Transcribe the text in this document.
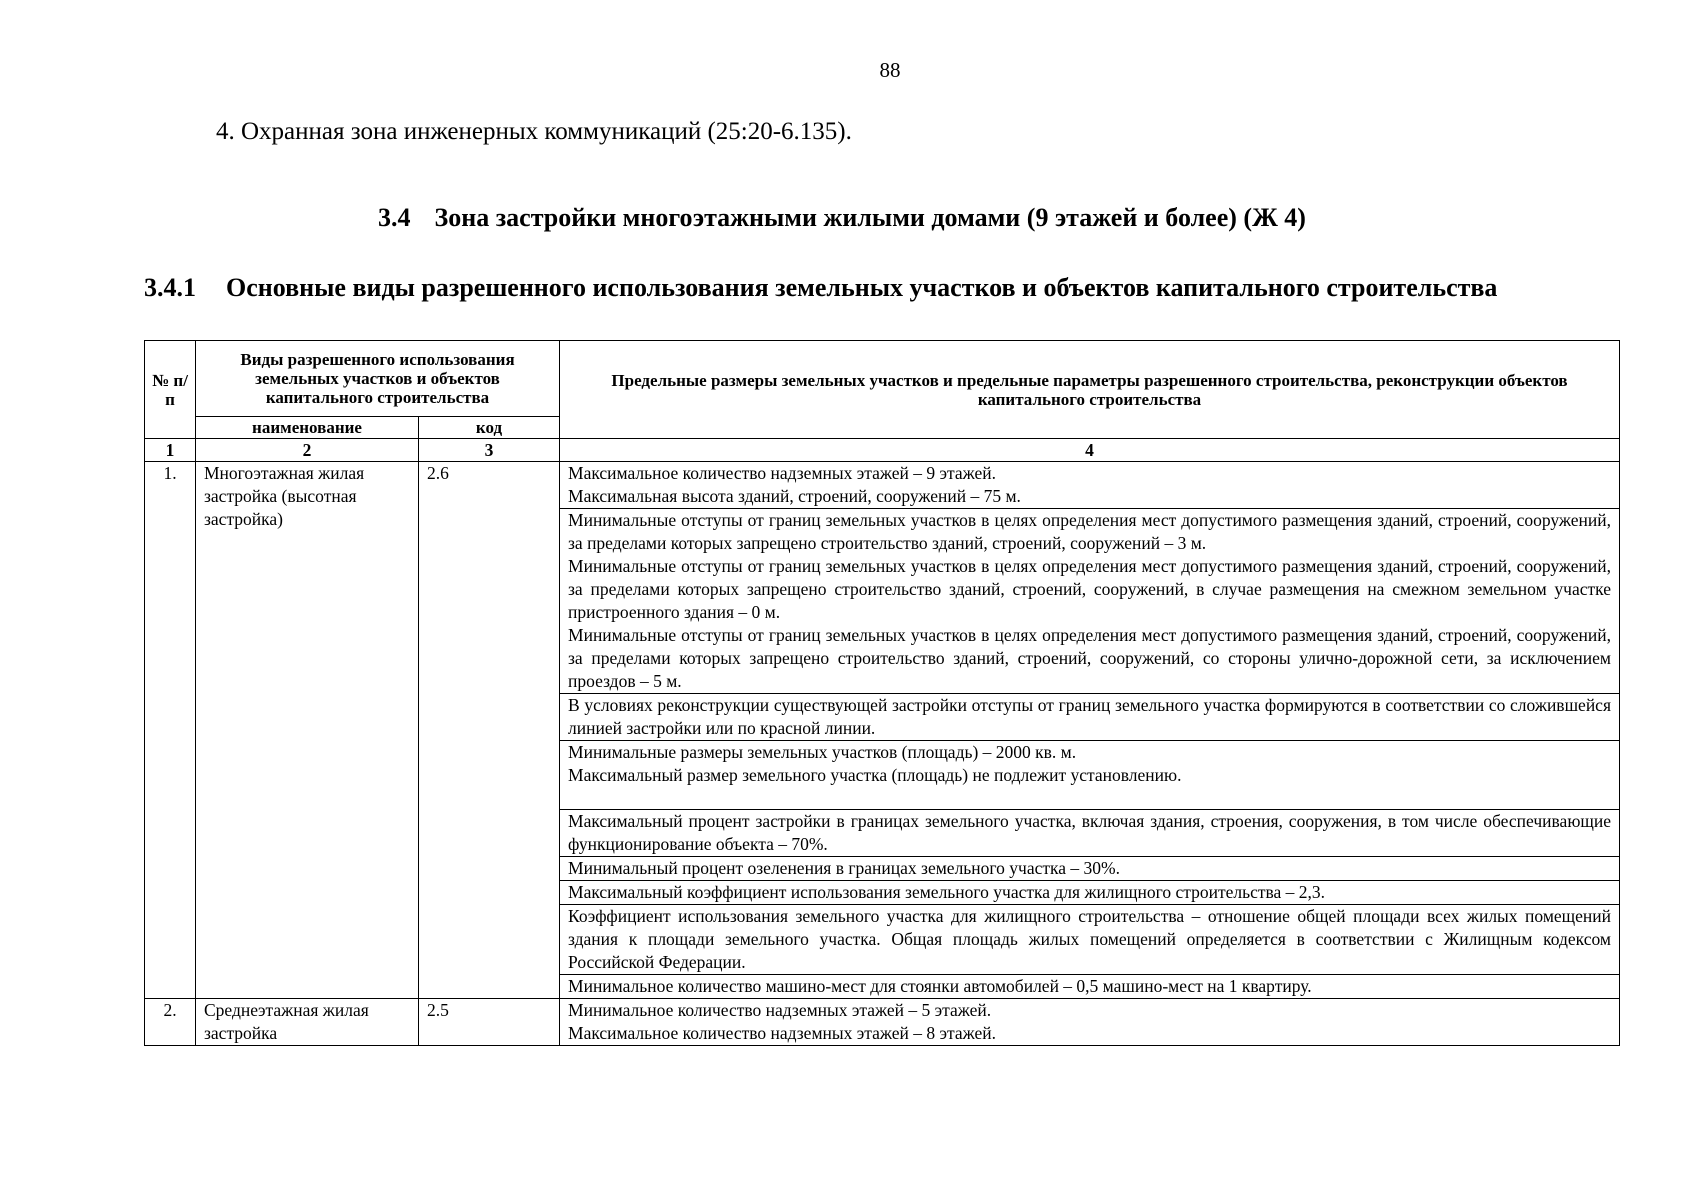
88
4. Охранная зона инженерных коммуникаций (25:20-6.135).
3.4 Зона застройки многоэтажными жилыми домами (9 этажей и более) (Ж 4)
3.4.1 Основные виды разрешенного использования земельных участков и объектов капитального строительства
№ п/п	Виды разрешенного использования земельных участков и объектов капитального строительства		Предельные размеры земельных участков и предельные параметры разрешенного строительства, реконструкции объектов капитального строительства
	наименование	код	
1	2	3	4
1.	Многоэтажная жилая застройка (высотная застройка)	2.6	Максимальное количество надземных этажей – 9 этажей.
Максимальная высота зданий, строений, сооружений – 75 м.

			Минимальные отступы от границ земельных участков в целях определения мест допустимого размещения зданий, строений, сооружений, за пределами которых запрещено строительство зданий, строений, сооружений – 3 м.
Минимальные отступы от границ земельных участков в целях определения мест допустимого размещения зданий, строений, сооружений, за пределами которых запрещено строительство зданий, строений, сооружений, в случае размещения на смежном земельном участке пристроенного здания – 0 м.
Минимальные отступы от границ земельных участков в целях определения мест допустимого размещения зданий, строений, сооружений, за пределами которых запрещено строительство зданий, строений, сооружений, со стороны улично-дорожной сети, за исключением проездов – 5 м.

			В условиях реконструкции существующей застройки отступы от границ земельного участка формируются в соответствии со сложившейся линией застройки или по красной линии.

			Минимальные размеры земельных участков (площадь) – 2000 кв. м.
Максимальный размер земельного участка (площадь) не подлежит установлению.

			Максимальный процент застройки в границах земельного участка, включая здания, строения, сооружения, в том числе обеспечивающие функционирование объекта – 70%.

			Минимальный процент озеленения в границах земельного участка – 30%.

			Максимальный коэффициент использования земельного участка для жилищного строительства – 2,3.

			Коэффициент использования земельного участка для жилищного строительства – отношение общей площади всех жилых помещений здания к площади земельного участка. Общая площадь жилых помещений определяется в соответствии с Жилищным кодексом Российской Федерации.

			Минимальное количество машино-мест для стоянки автомобилей – 0,5 машино-мест на 1 квартиру.

2.	Среднеэтажная жилая застройка	2.5	Минимальное количество надземных этажей – 5 этажей.
Максимальное количество надземных этажей – 8 этажей.
